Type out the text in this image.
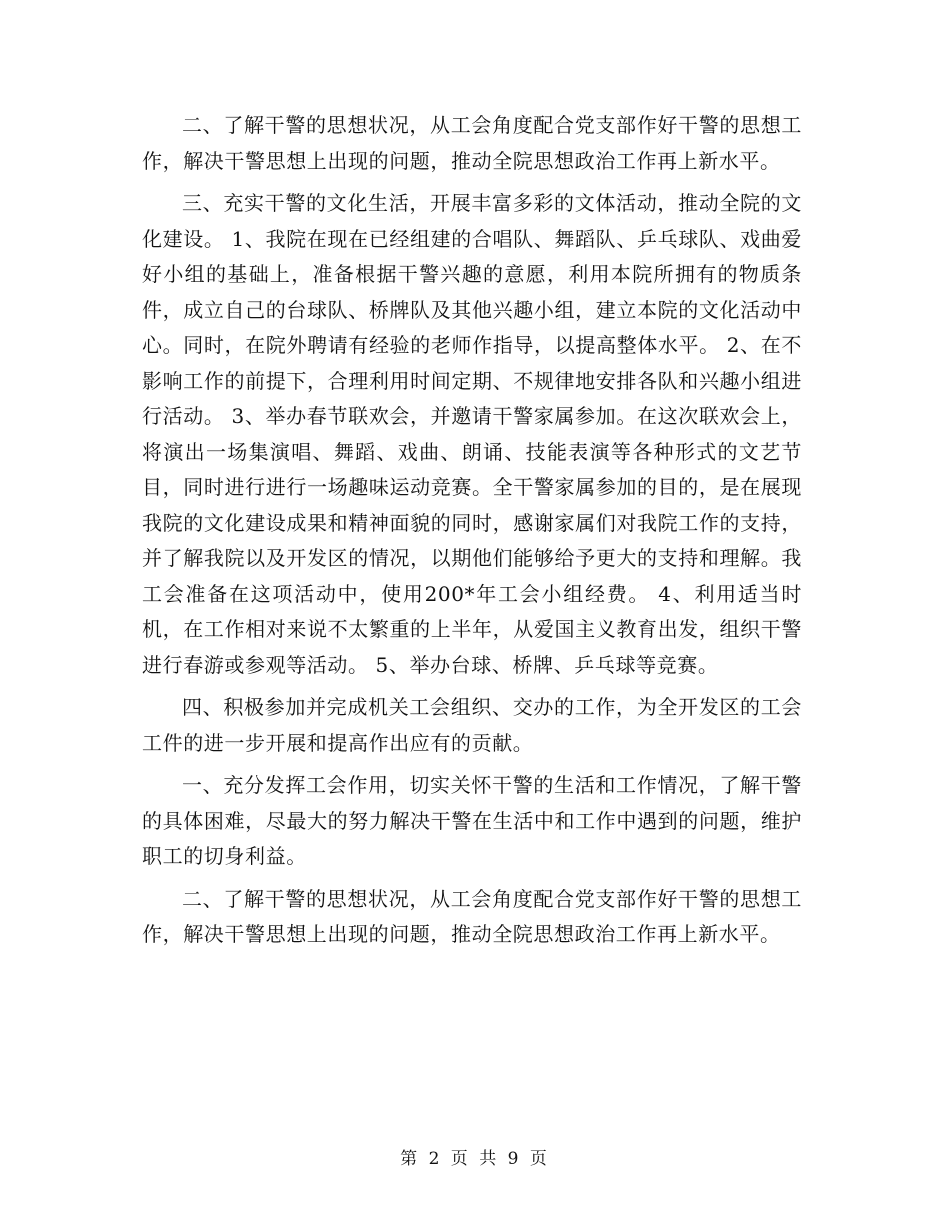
二、了解干警的思想状况，从工会角度配合党支部作好干警的思想工作，解决干警思想上出现的问题，推动全院思想政治工作再上新水平。

三、充实干警的文化生活，开展丰富多彩的文体活动，推动全院的文化建设。 1、我院在现在已经组建的合唱队、舞蹈队、乒乓球队、戏曲爱好小组的基础上，准备根据干警兴趣的意愿，利用本院所拥有的物质条件，成立自己的台球队、桥牌队及其他兴趣小组，建立本院的文化活动中心。同时，在院外聘请有经验的老师作指导，以提高整体水平。 2、在不影响工作的前提下，合理利用时间定期、不规律地安排各队和兴趣小组进行活动。 3、举办春节联欢会，并邀请干警家属参加。在这次联欢会上，将演出一场集演唱、舞蹈、戏曲、朗诵、技能表演等各种形式的文艺节目，同时进行进行一场趣味运动竞赛。全干警家属参加的目的，是在展现我院的文化建设成果和精神面貌的同时，感谢家属们对我院工作的支持，并了解我院以及开发区的情况，以期他们能够给予更大的支持和理解。我工会准备在这项活动中，使用200*年工会小组经费。 4、利用适当时机，在工作相对来说不太繁重的上半年，从爱国主义教育出发，组织干警进行春游或参观等活动。 5、举办台球、桥牌、乒乓球等竞赛。

四、积极参加并完成机关工会组织、交办的工作，为全开发区的工会工件的进一步开展和提高作出应有的贡献。

一、充分发挥工会作用，切实关怀干警的生活和工作情况，了解干警的具体困难，尽最大的努力解决干警在生活中和工作中遇到的问题，维护职工的切身利益。

二、了解干警的思想状况，从工会角度配合党支部作好干警的思想工作，解决干警思想上出现的问题，推动全院思想政治工作再上新水平。

第 2 页 共 9 页
